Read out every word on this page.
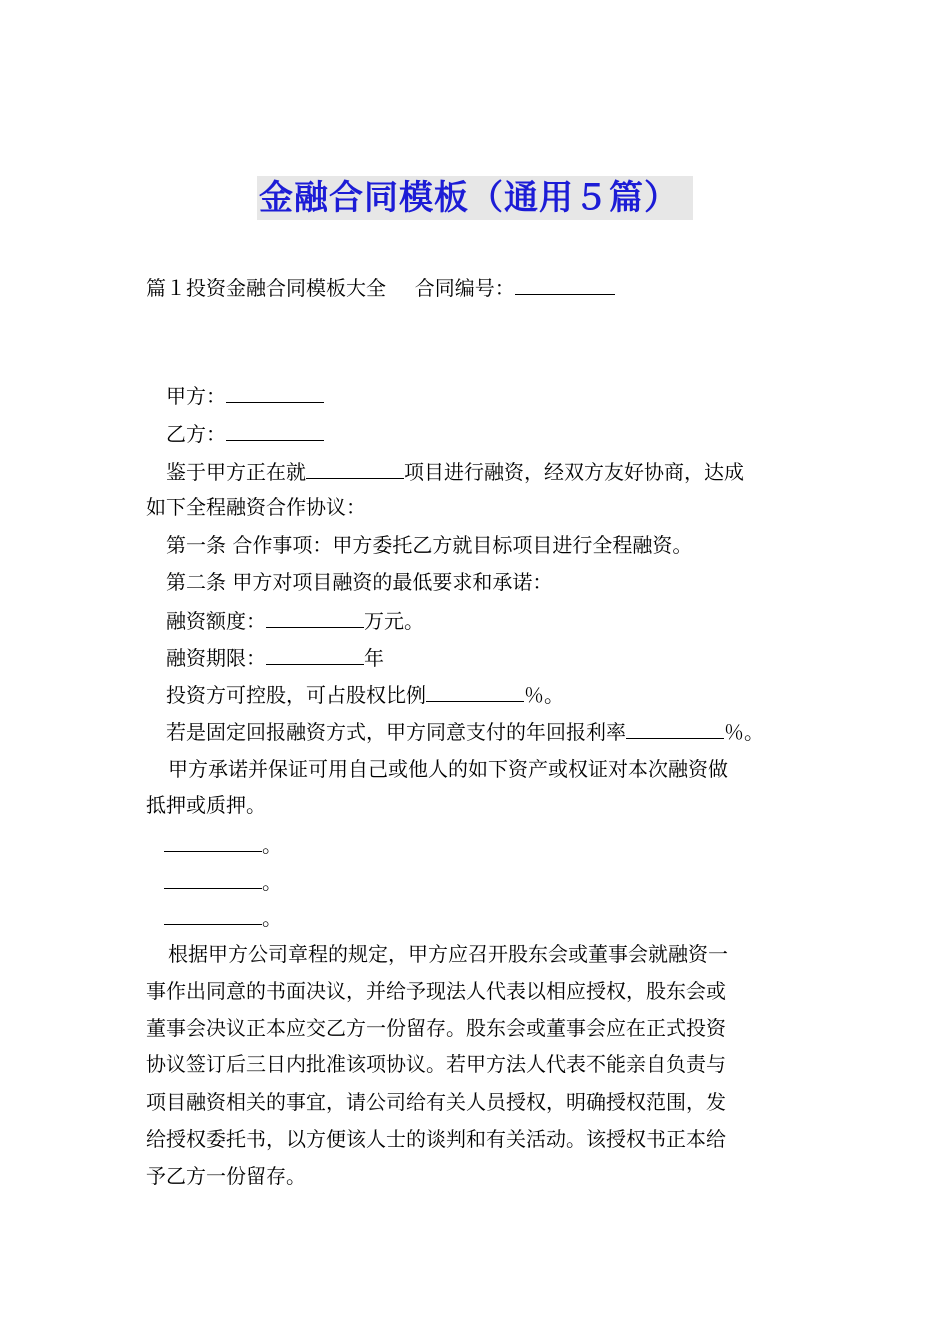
金融合同模板（通用５篇）
篇１投资金融合同模板大全 合同编号：
甲方：
乙方：
鉴于甲方正在就	项目进行融资，经双方友好协商，达成
如下全程融资合作协议：
第一条 合作事项：甲方委托乙方就目标项目进行全程融资。
第二条 甲方对项目融资的最低要求和承诺：
融资额度：	万元。
融资期限：	年
投资方可控股，可占股权比例	％。
若是固定回报融资方式，甲方同意支付的年回报利率	％。
甲方承诺并保证可用自己或他人的如下资产或权证对本次融资做
抵押或质押。
。
。
。
根据甲方公司章程的规定，甲方应召开股东会或董事会就融资一
事作出同意的书面决议，并给予现法人代表以相应授权，股东会或
董事会决议正本应交乙方一份留存。股东会或董事会应在正式投资
协议签订后三日内批准该项协议。若甲方法人代表不能亲自负责与
项目融资相关的事宜，请公司给有关人员授权，明确授权范围，发
给授权委托书，以方便该人士的谈判和有关活动。该授权书正本给
予乙方一份留存。
